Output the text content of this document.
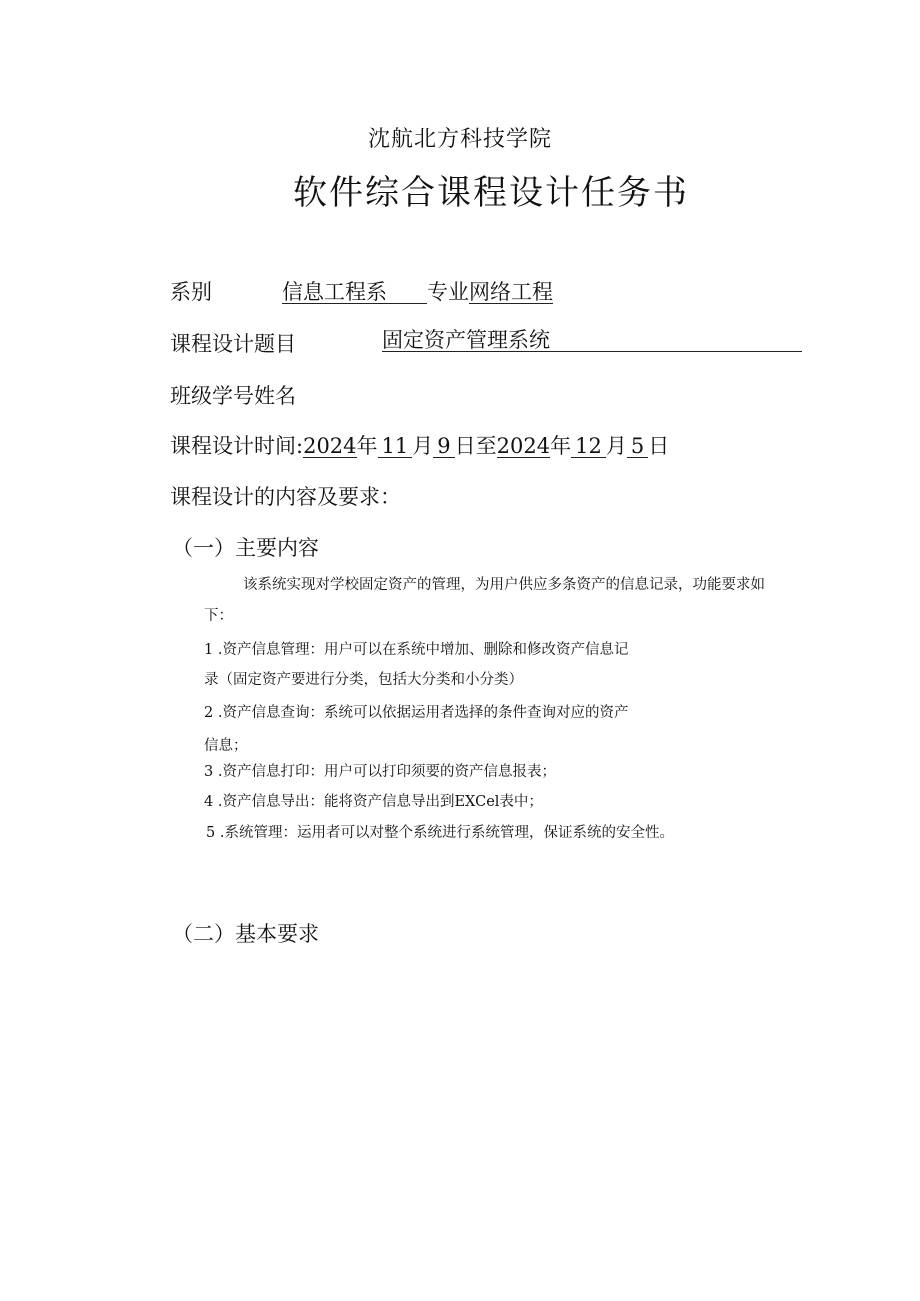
沈航北方科技学院
软件综合课程设计任务书
系别	信息工程系 专业网络工程
课程设计题目	固定资产管理系统
班级学号姓名
课程设计时间:2024年 11 月 9 日至2024年 12 月 5 日
课程设计的内容及要求：
（一）主要内容
该系统实现对学校固定资产的管理，为用户供应多条资产的信息记录，功能要求如
下：
1 .资产信息管理：用户可以在系统中增加、删除和修改资产信息记
录（固定资产要进行分类，包括大分类和小分类）
2 .资产信息查询：系统可以依据运用者选择的条件查询对应的资产
信息；
3 .资产信息打印：用户可以打印须要的资产信息报表；
4 .资产信息导出：能将资产信息导出到EXCel表中；
5 .系统管理：运用者可以对整个系统进行系统管理，保证系统的安全性。
（二）基本要求
